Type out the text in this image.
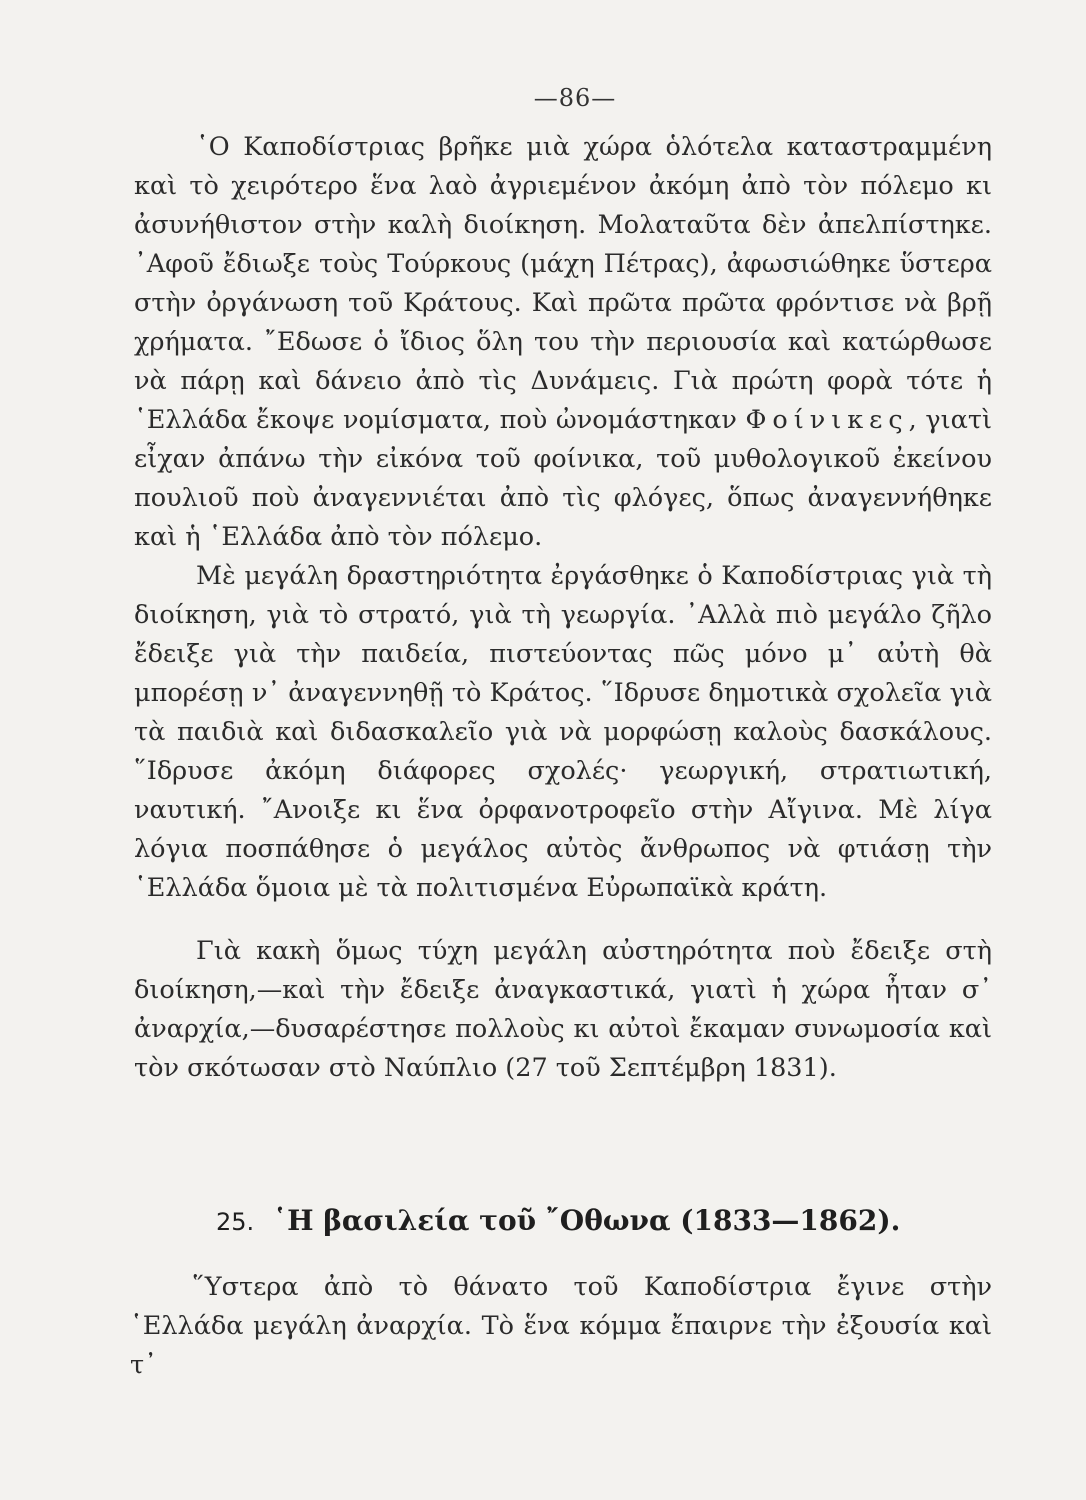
—86—

῾Ο Καποδίστριας βρῆκε μιὰ χώρα ὁλότελα καταστραμμένη καὶ τὸ χειρότερο ἕνα λαὸ ἀγριεμένον ἀκόμη ἀπὸ τὸν πόλεμο κι ἀσυνήθιστον στὴν καλὴ διοίκηση. Μολαταῦτα δὲν ἀπελπίστηκε. ᾿Αφοῦ ἔδιωξε τοὺς Τούρκους (μάχη Πέτρας), ἀφωσιώθηκε ὕστερα στὴν ὀργάνωση τοῦ Κράτους. Καὶ πρῶτα πρῶτα φρόντισε νὰ βρῇ χρήματα. ῎Εδωσε ὁ ἴδιος ὅλη του τὴν περιουσία καὶ κατώρθωσε νὰ πάρῃ καὶ δάνειο ἀπὸ τὶς Δυνάμεις. Γιὰ πρώτη φορὰ τότε ἡ ῾Ελλάδα ἔκοψε νομίσματα, ποὺ ὠνομάστηκαν Φοίνικες, γιατὶ εἶχαν ἀπάνω τὴν εἰκόνα τοῦ φοίνικα, τοῦ μυθολογικοῦ ἐκείνου πουλιοῦ ποὺ ἀναγεννιέται ἀπὸ τὶς φλόγες, ὅπως ἀναγεννήθηκε καὶ ἡ ῾Ελλάδα ἀπὸ τὸν πόλεμο.

Μὲ μεγάλη δραστηριότητα ἐργάσθηκε ὁ Καποδίστριας γιὰ τὴ διοίκηση, γιὰ τὸ στρατό, γιὰ τὴ γεωργία. ᾿Αλλὰ πιὸ μεγάλο ζῆλο ἔδειξε γιὰ τὴν παιδεία, πιστεύοντας πῶς μόνο μ᾿ αὐτὴ θὰ μπορέσῃ ν᾿ ἀναγεννηθῇ τὸ Κράτος. ῞Ιδρυσε δημοτικὰ σχολεῖα γιὰ τὰ παιδιὰ καὶ διδασκαλεῖο γιὰ νὰ μορφώσῃ καλοὺς δασκάλους. ῞Ιδρυσε ἀκόμη διάφορες σχολές· γεωργική, στρατιωτική, ναυτική. ῎Ανοιξε κι ἕνα ὀρφανοτροφεῖο στὴν Αἴγινα. Μὲ λίγα λόγια ποσπάθησε ὁ μεγάλος αὐτὸς ἄνθρωπος νὰ φτιάσῃ τὴν ῾Ελλάδα ὅμοια μὲ τὰ πολιτισμένα Εὐρωπαϊκὰ κράτη.

Γιὰ κακὴ ὅμως τύχη μεγάλη αὐστηρότητα ποὺ ἔδειξε στὴ διοίκηση,—καὶ τὴν ἔδειξε ἀναγκαστικά, γιατὶ ἡ χώρα ἦταν σ᾿ ἀναρχία,—δυσαρέστησε πολλοὺς κι αὐτοὶ ἔκαμαν συνωμοσία καὶ τὸν σκότωσαν στὸ Ναύπλιο (27 τοῦ Σεπτέμβρη 1831).

25. ῾Η βασιλεία τοῦ ῎Οθωνα (1833—1862).

῞Υστερα ἀπὸ τὸ θάνατο τοῦ Καποδίστρια ἔγινε στὴν ῾Ελλάδα μεγάλη ἀναρχία. Τὸ ἕνα κόμμα ἔπαιρνε τὴν ἐξουσία καὶ τ᾿
